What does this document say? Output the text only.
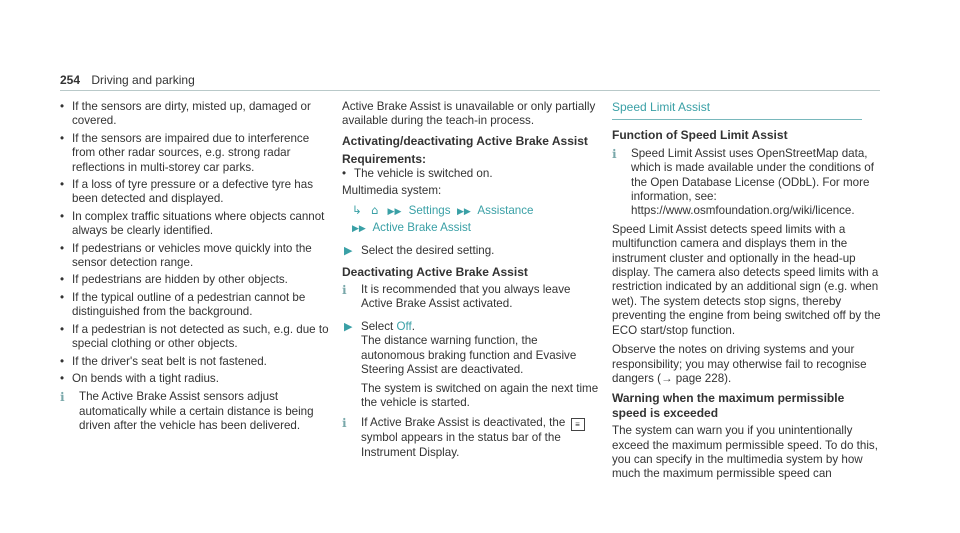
254 Driving and parking
• If the sensors are dirty, misted up, damaged or covered.
• If the sensors are impaired due to interference from other radar sources, e.g. strong radar reflections in multi-storey car parks.
• If a loss of tyre pressure or a defective tyre has been detected and displayed.
• In complex traffic situations where objects cannot always be clearly identified.
• If pedestrians or vehicles move quickly into the sensor detection range.
• If pedestrians are hidden by other objects.
• If the typical outline of a pedestrian cannot be distinguished from the background.
• If a pedestrian is not detected as such, e.g. due to special clothing or other objects.
• If the driver's seat belt is not fastened.
• On bends with a tight radius.
ℹ︎ The Active Brake Assist sensors adjust automatically while a certain distance is being driven after the vehicle has been delivered.

Active Brake Assist is unavailable or only partially available during the teach-in process.

Activating/deactivating Active Brake Assist
Requirements:
• The vehicle is switched on.

Multimedia system:

↳ ⌂ ▶▶ Settings ▶▶ Assistance
▶▶ Active Brake Assist
▶ Select the desired setting.
Deactivating Active Brake Assist
ℹ︎ It is recommended that you always leave Active Brake Assist activated.
▶ Select Off.
The distance warning function, the autonomous braking function and Evasive Steering Assist are deactivated.
The system is switched on again the next time the vehicle is started.
ℹ︎ If Active Brake Assist is deactivated, the ≡ symbol appears in the status bar of the Instrument Display.
Speed Limit Assist
Function of Speed Limit Assist
ℹ︎ Speed Limit Assist uses OpenStreetMap data, which is made available under the conditions of the Open Database License (ODbL). For more information, see: https://www.osmfoundation.org/wiki/licence.

Speed Limit Assist detects speed limits with a multifunction camera and displays them in the instrument cluster and optionally in the head-up display. The camera also detects speed limits with a restriction indicated by an additional sign (e.g. when wet). The system detects stop signs, thereby preventing the engine from being switched off by the ECO start/stop function.

Observe the notes on driving systems and your responsibility; you may otherwise fail to recognise dangers (→ page 228).

Warning when the maximum permissible speed is exceeded

The system can warn you if you unintentionally exceed the maximum permissible speed. To do this, you can specify in the multimedia system by how much the maximum permissible speed can
